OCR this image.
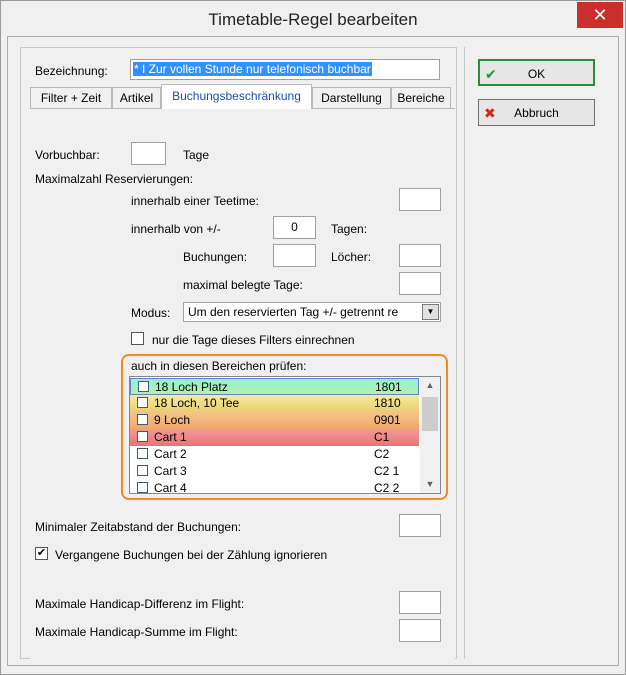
Timetable-Regel bearbeiten	✕
Bezeichnung: * I Zur vollen Stunde nur telefonisch buchbar
Filter + Zeit	Artikel	Buchungsbeschränkung	Darstellung	Bereiche
✔	OK
✖	Abbruch
Vorbuchbar:	Tage
Maximalzahl Reservierungen:
innerhalb einer Teetime:
innerhalb von +/-	0	Tagen:
Buchungen:	Löcher:
maximal belegte Tage:
Modus: Um den reservierten Tag +/- getrennt re	▼
nur die Tage dieses Filters einrechnen
auch in diesen Bereichen prüfen:
18 Loch Platz	1801
18 Loch, 10 Tee	1810
9 Loch	0901
Cart 1	C1
Cart 2	C2
Cart 3	C2 1
Cart 4	C2 2
▲
▼
Minimaler Zeitabstand der Buchungen:
✔ Vergangene Buchungen bei der Zählung ignorieren
Maximale Handicap-Differenz im Flight:
Maximale Handicap-Summe im Flight:
